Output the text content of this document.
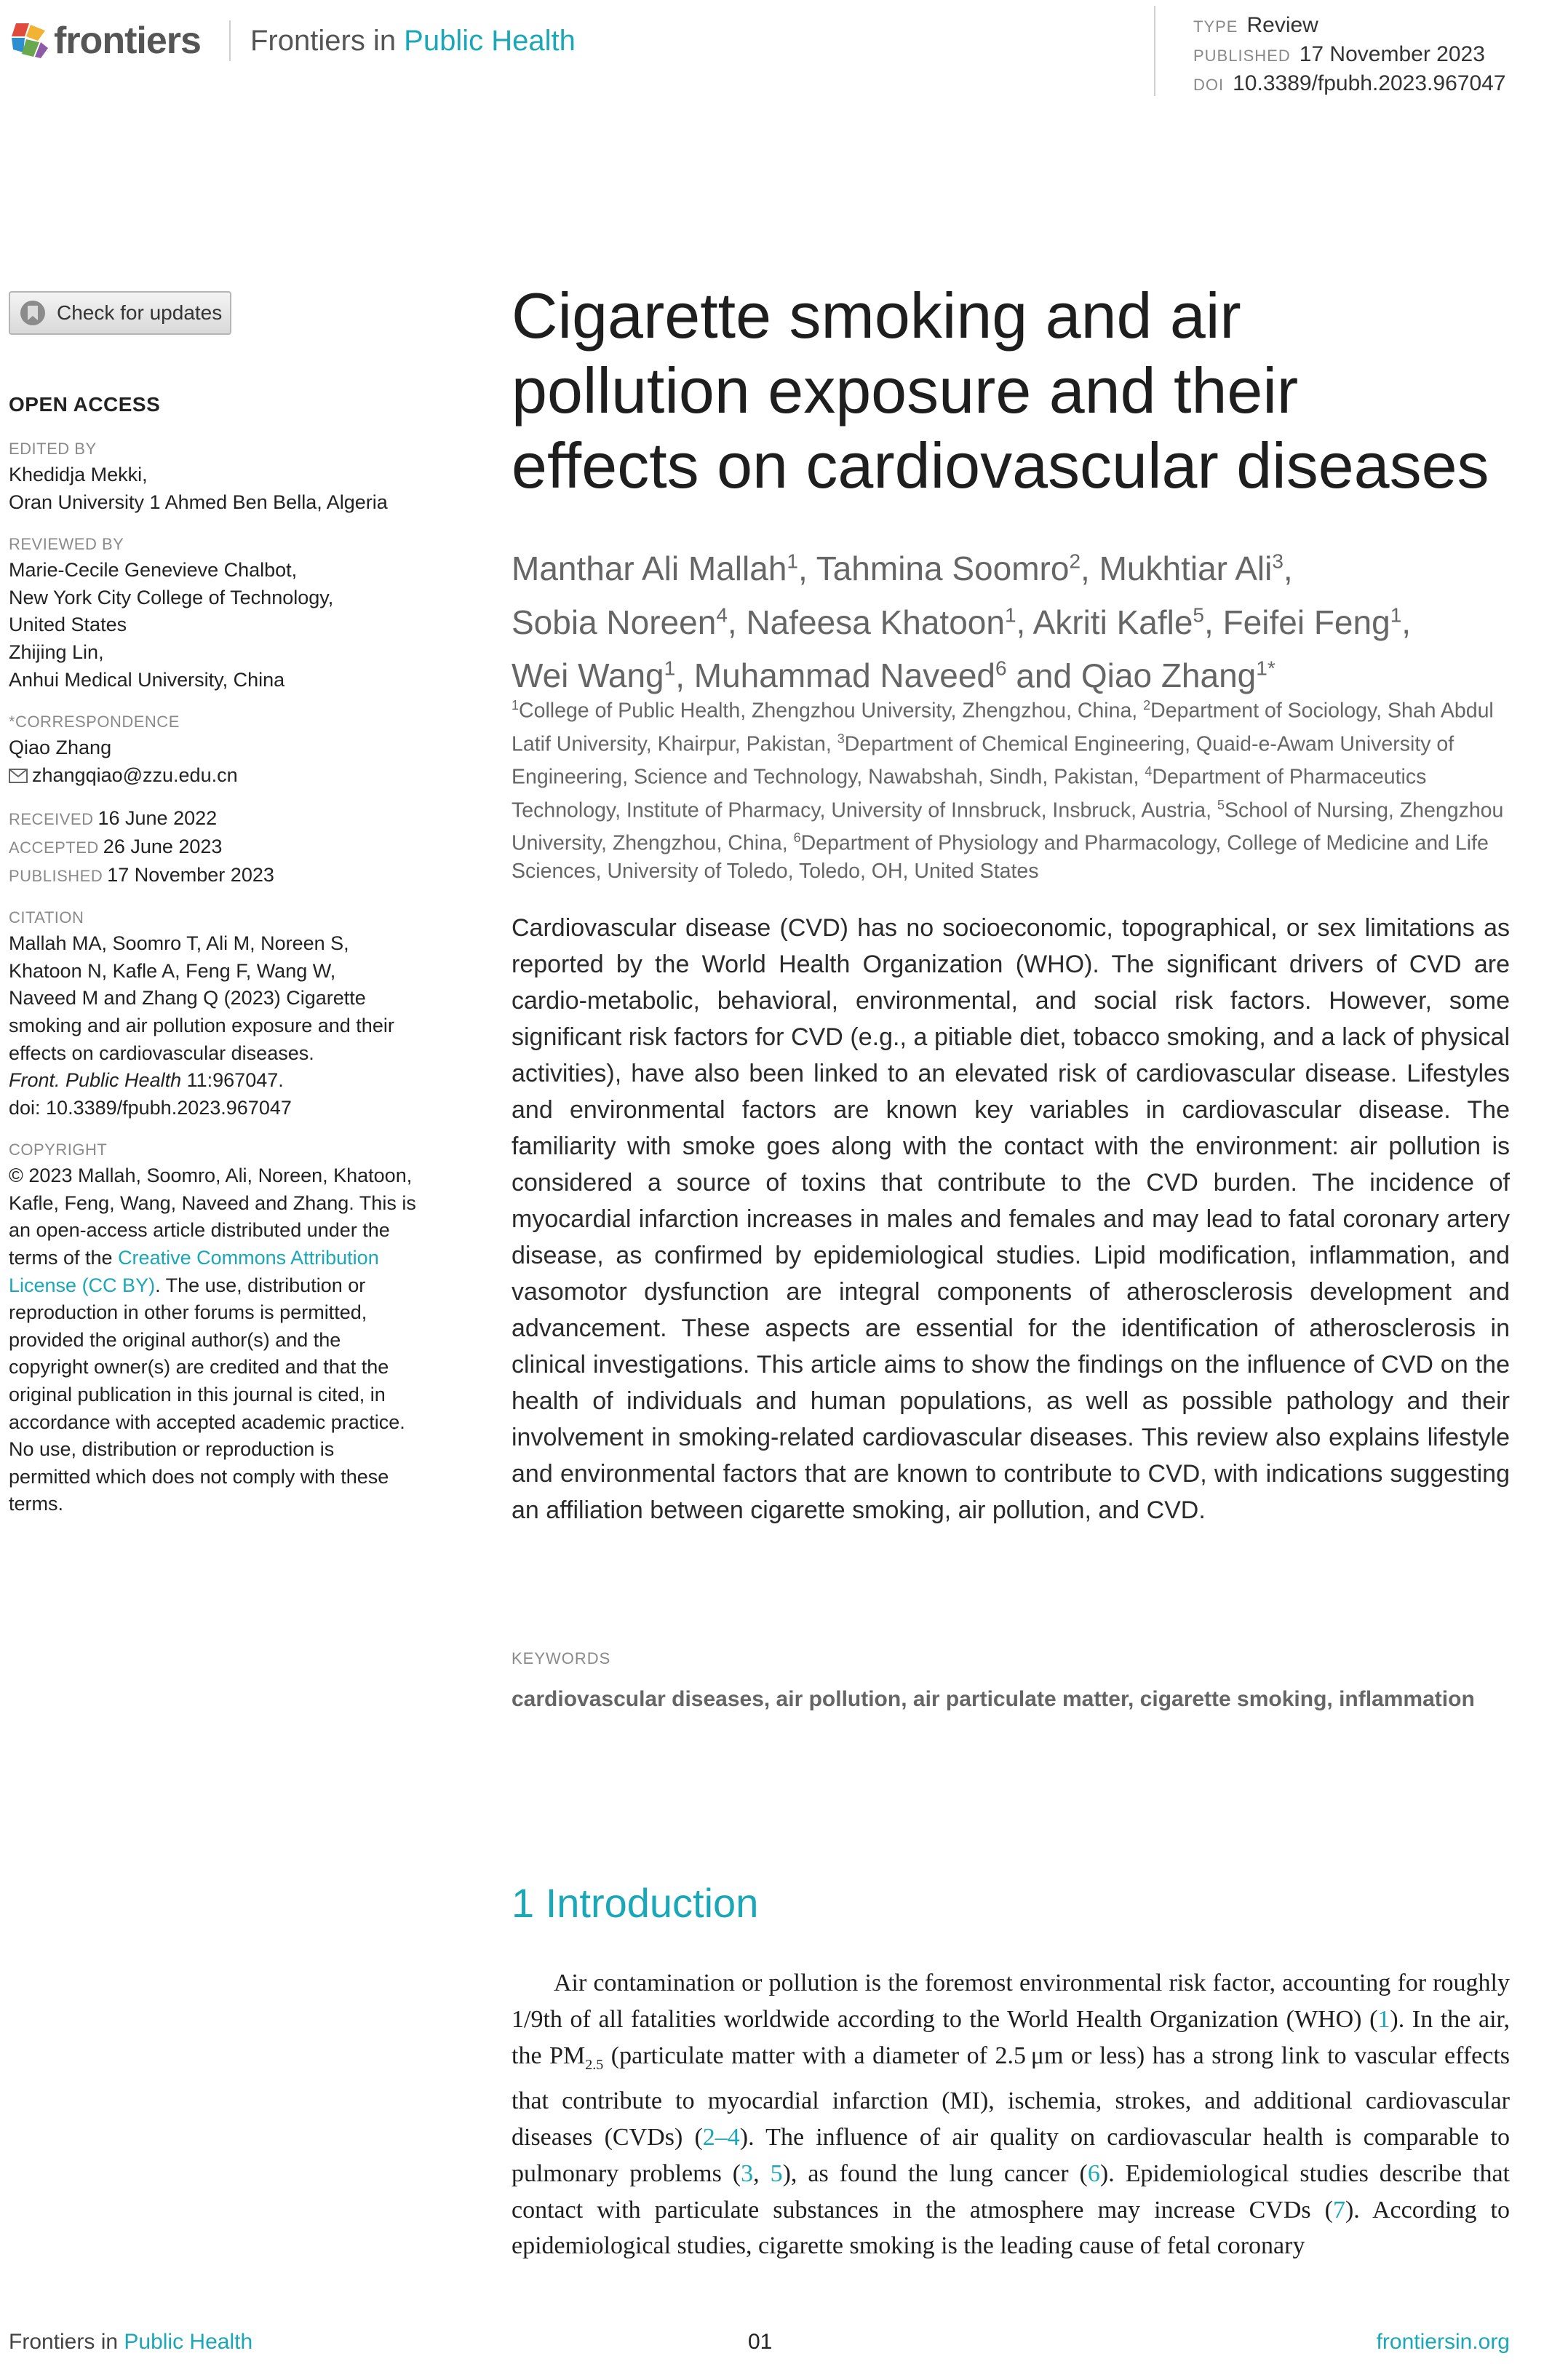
frontiers Frontiers in Public Health	TYPE Review
PUBLISHED 17 November 2023
DOI 10.3389/fpubh.2023.967047
Check for updates
OPEN ACCESS
EDITED BY
Khedidja Mekki,
Oran University 1 Ahmed Ben Bella, Algeria
REVIEWED BY
Marie-Cecile Genevieve Chalbot,
New York City College of Technology,
United States
Zhijing Lin,
Anhui Medical University, China
*CORRESPONDENCE
Qiao Zhang
zhangqiao@zzu.edu.cn
RECEIVED 16 June 2022
ACCEPTED 26 June 2023
PUBLISHED 17 November 2023
CITATION
Mallah MA, Soomro T, Ali M, Noreen S,
Khatoon N, Kafle A, Feng F, Wang W,
Naveed M and Zhang Q (2023) Cigarette
smoking and air pollution exposure and their
effects on cardiovascular diseases.
Front. Public Health 11:967047.
doi: 10.3389/fpubh.2023.967047
COPYRIGHT
© 2023 Mallah, Soomro, Ali, Noreen, Khatoon,
Kafle, Feng, Wang, Naveed and Zhang. This is
an open-access article distributed under the
terms of the Creative Commons Attribution
License (CC BY). The use, distribution or
reproduction in other forums is permitted,
provided the original author(s) and the
copyright owner(s) are credited and that the
original publication in this journal is cited, in
accordance with accepted academic practice.
No use, distribution or reproduction is
permitted which does not comply with these
terms.
Cigarette smoking and air
pollution exposure and their
effects on cardiovascular diseases
Manthar Ali Mallah$^1$, Tahmina Soomro$^2$, Mukhtiar Ali$^3$,
Sobia Noreen$^4$, Nafeesa Khatoon$^1$, Akriti Kafle$^5$, Feifei Feng$^1$,
Wei Wang$^1$, Muhammad Naveed$^6$ and Qiao Zhang$^{1*}$
$^1$College of Public Health, Zhengzhou University, Zhengzhou, China, $^2$Department of Sociology, Shah Abdul Latif University, Khairpur, Pakistan, $^3$Department of Chemical Engineering, Quaid-e-Awam University of Engineering, Science and Technology, Nawabshah, Sindh, Pakistan, $^4$Department of Pharmaceutics Technology, Institute of Pharmacy, University of Innsbruck, Insbruck, Austria, $^5$School of Nursing, Zhengzhou University, Zhengzhou, China, $^6$Department of Physiology and Pharmacology, College of Medicine and Life Sciences, University of Toledo, Toledo, OH, United States
Cardiovascular disease (CVD) has no socioeconomic, topographical, or sex limitations as reported by the World Health Organization (WHO). The significant drivers of CVD are cardio-metabolic, behavioral, environmental, and social risk factors. However, some significant risk factors for CVD (e.g., a pitiable diet, tobacco smoking, and a lack of physical activities), have also been linked to an elevated risk of cardiovascular disease. Lifestyles and environmental factors are known key variables in cardiovascular disease. The familiarity with smoke goes along with the contact with the environment: air pollution is considered a source of toxins that contribute to the CVD burden. The incidence of myocardial infarction increases in males and females and may lead to fatal coronary artery disease, as confirmed by epidemiological studies. Lipid modification, inflammation, and vasomotor dysfunction are integral components of atherosclerosis development and advancement. These aspects are essential for the identification of atherosclerosis in clinical investigations. This article aims to show the findings on the influence of CVD on the health of individuals and human populations, as well as possible pathology and their involvement in smoking-related cardiovascular diseases. This review also explains lifestyle and environmental factors that are known to contribute to CVD, with indications suggesting an affiliation between cigarette smoking, air pollution, and CVD.
KEYWORDS
cardiovascular diseases, air pollution, air particulate matter, cigarette smoking, inflammation
1 Introduction
Air contamination or pollution is the foremost environmental risk factor, accounting for roughly 1/9th of all fatalities worldwide according to the World Health Organization (WHO) (1). In the air, the $PM_{2.5}$ (particulate matter with a diameter of 2.5 μm or less) has a strong link to vascular effects that contribute to myocardial infarction (MI), ischemia, strokes, and additional cardiovascular diseases (CVDs) (2–4). The influence of air quality on cardiovascular health is comparable to pulmonary problems (3, 5), as found the lung cancer (6). Epidemiological studies describe that contact with particulate substances in the atmosphere may increase CVDs (7). According to epidemiological studies, cigarette smoking is the leading cause of fetal coronary
Frontiers in Public Health	01	frontiersin.org
